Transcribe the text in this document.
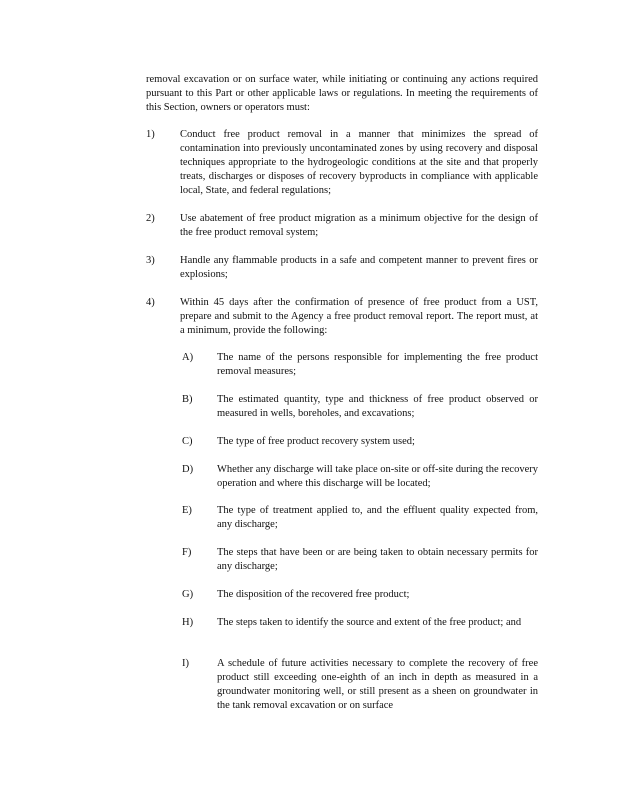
removal excavation or on surface water, while initiating or continuing any actions required pursuant to this Part or other applicable laws or regulations. In meeting the requirements of this Section, owners or operators must:

1)	Conduct free product removal in a manner that minimizes the spread of contamination into previously uncontaminated zones by using recovery and disposal techniques appropriate to the hydrogeologic conditions at the site and that properly treats, discharges or disposes of recovery byproducts in compliance with applicable local, State, and federal regulations;
2)	Use abatement of free product migration as a minimum objective for the design of the free product removal system;
3)	Handle any flammable products in a safe and competent manner to prevent fires or explosions;
4)	Within 45 days after the confirmation of presence of free product from a UST, prepare and submit to the Agency a free product removal report. The report must, at a minimum, provide the following:
A)	The name of the persons responsible for implementing the free product removal measures;
B)	The estimated quantity, type and thickness of free product observed or measured in wells, boreholes, and excavations;
C)	The type of free product recovery system used;
D)	Whether any discharge will take place on-site or off-site during the recovery operation and where this discharge will be located;
E)	The type of treatment applied to, and the effluent quality expected from, any discharge;
F)	The steps that have been or are being taken to obtain necessary permits for any discharge;
G)	The disposition of the recovered free product;
H)	The steps taken to identify the source and extent of the free product; and
I)	A schedule of future activities necessary to complete the recovery of free product still exceeding one-eighth of an inch in depth as measured in a groundwater monitoring well, or still present as a sheen on groundwater in the tank removal excavation or on surface
